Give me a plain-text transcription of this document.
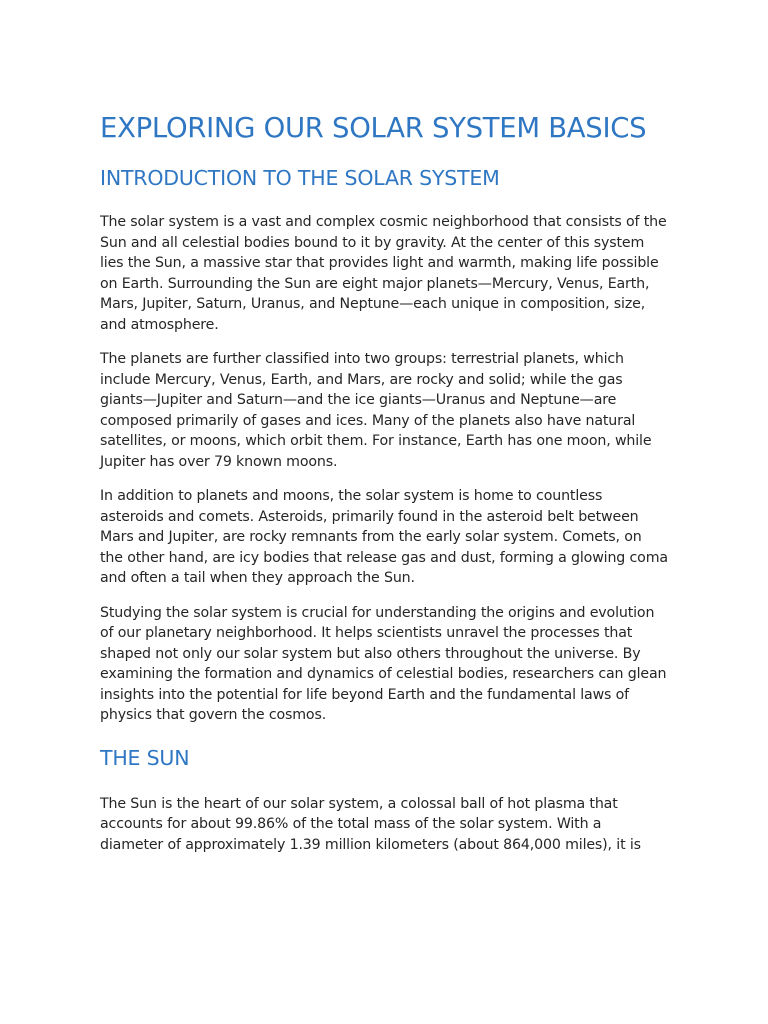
EXPLORING OUR SOLAR SYSTEM BASICS
INTRODUCTION TO THE SOLAR SYSTEM

The solar system is a vast and complex cosmic neighborhood that consists of the Sun and all celestial bodies bound to it by gravity. At the center of this system lies the Sun, a massive star that provides light and warmth, making life possible on Earth. Surrounding the Sun are eight major planets—Mercury, Venus, Earth, Mars, Jupiter, Saturn, Uranus, and Neptune—each unique in composition, size, and atmosphere.

The planets are further classified into two groups: terrestrial planets, which include Mercury, Venus, Earth, and Mars, are rocky and solid; while the gas giants—Jupiter and Saturn—and the ice giants—Uranus and Neptune—are composed primarily of gases and ices. Many of the planets also have natural satellites, or moons, which orbit them. For instance, Earth has one moon, while Jupiter has over 79 known moons.

In addition to planets and moons, the solar system is home to countless asteroids and comets. Asteroids, primarily found in the asteroid belt between Mars and Jupiter, are rocky remnants from the early solar system. Comets, on the other hand, are icy bodies that release gas and dust, forming a glowing coma and often a tail when they approach the Sun.

Studying the solar system is crucial for understanding the origins and evolution of our planetary neighborhood. It helps scientists unravel the processes that shaped not only our solar system but also others throughout the universe. By examining the formation and dynamics of celestial bodies, researchers can glean insights into the potential for life beyond Earth and the fundamental laws of physics that govern the cosmos.

THE SUN

The Sun is the heart of our solar system, a colossal ball of hot plasma that accounts for about 99.86% of the total mass of the solar system. With a diameter of approximately 1.39 million kilometers (about 864,000 miles), it is
